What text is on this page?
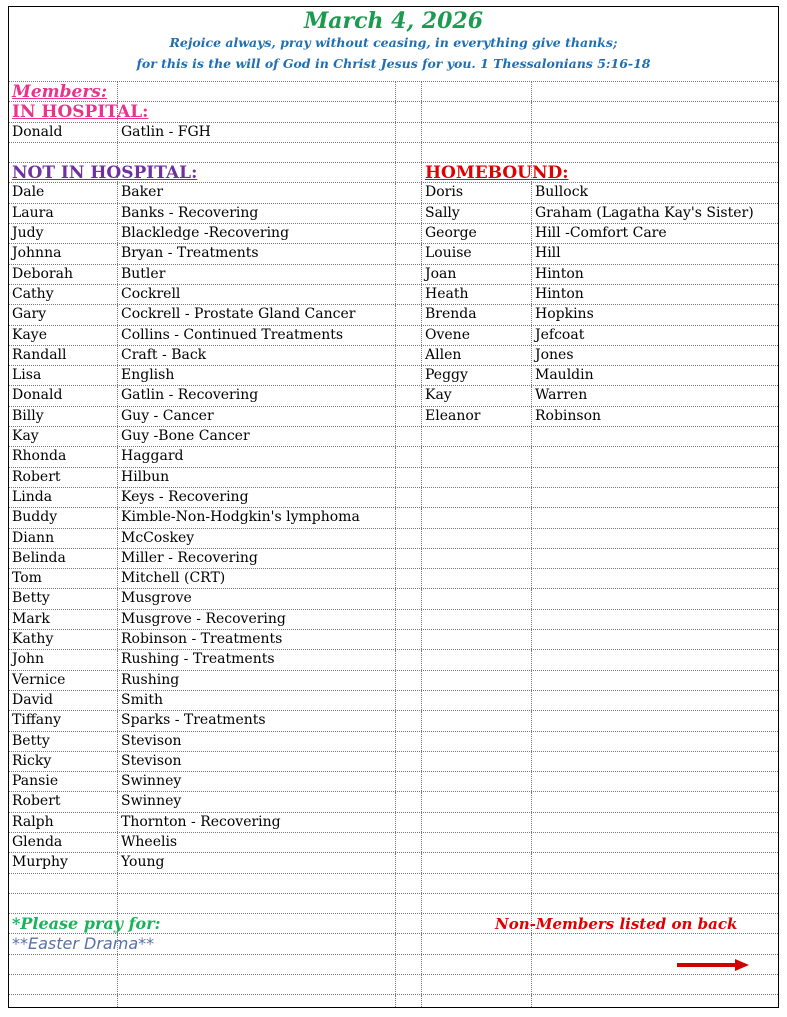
March 4, 2026
Rejoice always, pray without ceasing, in everything give thanks;
for this is the will of God in Christ Jesus for you. 1 Thessalonians 5:16-18
Members:
IN HOSPITAL:
Donald	Gatlin - FGH
NOT IN HOSPITAL:	HOMEBOUND:
Dale	Baker	Doris	Bullock
Laura	Banks - Recovering	Sally	Graham (Lagatha Kay's Sister)
Judy	Blackledge -Recovering	George	Hill -Comfort Care
Johnna	Bryan - Treatments	Louise	Hill
Deborah	Butler	Joan	Hinton
Cathy	Cockrell	Heath	Hinton
Gary	Cockrell - Prostate Gland Cancer	Brenda	Hopkins
Kaye	Collins - Continued Treatments	Ovene	Jefcoat
Randall	Craft - Back	Allen	Jones
Lisa	English	Peggy	Mauldin
Donald	Gatlin - Recovering	Kay	Warren
Billy	Guy - Cancer	Eleanor	Robinson
Kay	Guy -Bone Cancer
Rhonda	Haggard
Robert	Hilbun
Linda	Keys - Recovering
Buddy	Kimble-Non-Hodgkin's lymphoma
Diann	McCoskey
Belinda	Miller - Recovering
Tom	Mitchell (CRT)
Betty	Musgrove
Mark	Musgrove - Recovering
Kathy	Robinson - Treatments
John	Rushing - Treatments
Vernice	Rushing
David	Smith
Tiffany	Sparks - Treatments
Betty	Stevison
Ricky	Stevison
Pansie	Swinney
Robert	Swinney
Ralph	Thornton - Recovering
Glenda	Wheelis
Murphy	Young
*Please pray for:	Non-Members listed on back
**Easter Drama**
